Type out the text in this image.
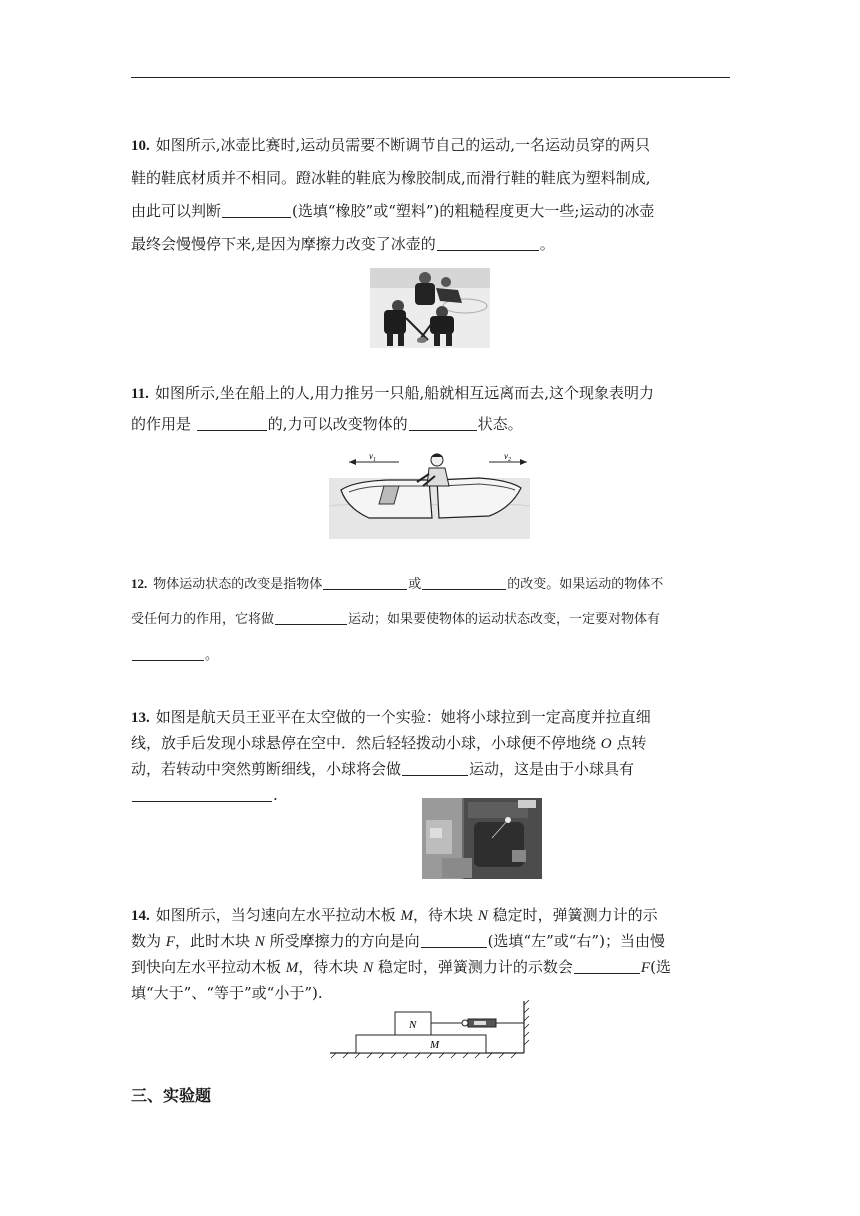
10. 如图所示,冰壶比赛时,运动员需要不断调节自己的运动,一名运动员穿的两只
鞋的鞋底材质并不相同。蹬冰鞋的鞋底为橡胶制成,而滑行鞋的鞋底为塑料制成,
由此可以判断	(选填“橡胶”或“塑料”)的粗糙程度更大一些;运动的冰壶
最终会慢慢停下来,是因为摩擦力改变了冰壶的	。
11. 如图所示,坐在船上的人,用力推另一只船,船就相互远离而去,这个现象表明力
的作用是	的,力可以改变物体的	状态。
$v_1$	$v_2$
12. 物体运动状态的改变是指物体	或	的改变。如果运动的物体不
受任何力的作用，它将做	运动；如果要使物体的运动状态改变，一定要对物体有
。
13. 如图是航天员王亚平在太空做的一个实验：她将小球拉到一定高度并拉直细
线，放手后发现小球悬停在空中．然后轻轻拨动小球，小球便不停地绕 O 点转
动，若转动中突然剪断细线，小球将会做	运动，这是由于小球具有
.
14. 如图所示，当匀速向左水平拉动木板 M，待木块 N 稳定时，弹簧测力计的示
数为 F，此时木块 N 所受摩擦力的方向是向	(选填“左”或“右”)；当由慢
到快向左水平拉动木板 M，待木块 N 稳定时，弹簧测力计的示数会	F(选
填“大于”、“等于”或“小于”).
M
N
三、实验题
